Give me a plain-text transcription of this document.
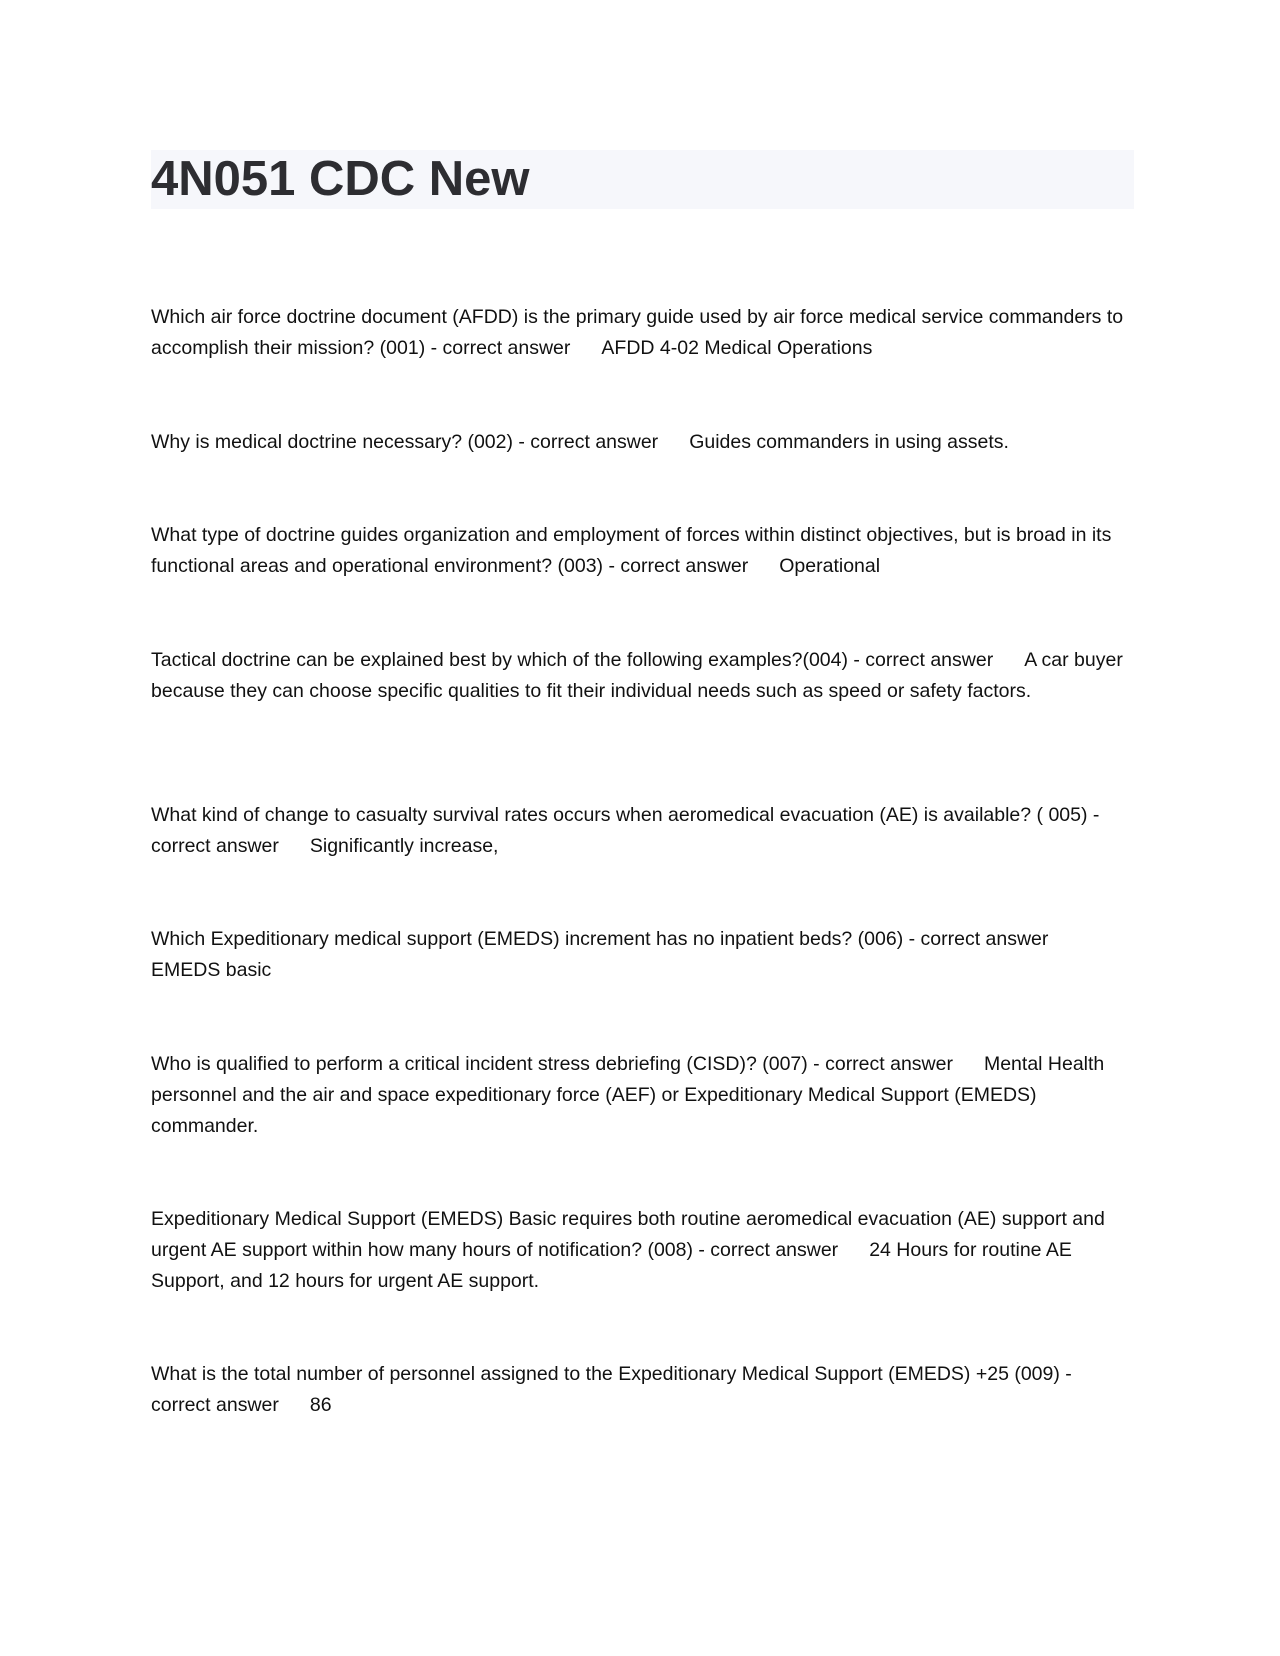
4N051 CDC New

Which air force doctrine document (AFDD) is the primary guide used by air force medical service commanders to accomplish their mission? (001) - correct answer AFDD 4-02 Medical Operations

Why is medical doctrine necessary? (002) - correct answer Guides commanders in using assets.

What type of doctrine guides organization and employment of forces within distinct objectives, but is broad in its functional areas and operational environment? (003) - correct answer Operational

Tactical doctrine can be explained best by which of the following examples?(004) - correct answer A car buyer because they can choose specific qualities to fit their individual needs such as speed or safety factors.

What kind of change to casualty survival rates occurs when aeromedical evacuation (AE) is available? ( 005) - correct answer Significantly increase,

Which Expeditionary medical support (EMEDS) increment has no inpatient beds? (006) - correct answerEMEDS basic

Who is qualified to perform a critical incident stress debriefing (CISD)? (007) - correct answer Mental Health personnel and the air and space expeditionary force (AEF) or Expeditionary Medical Support (EMEDS) commander.

Expeditionary Medical Support (EMEDS) Basic requires both routine aeromedical evacuation (AE) support and urgent AE support within how many hours of notification? (008) - correct answer 24 Hours for routine AE Support, and 12 hours for urgent AE support.

What is the total number of personnel assigned to the Expeditionary Medical Support (EMEDS) +25 (009) - correct answer 86
